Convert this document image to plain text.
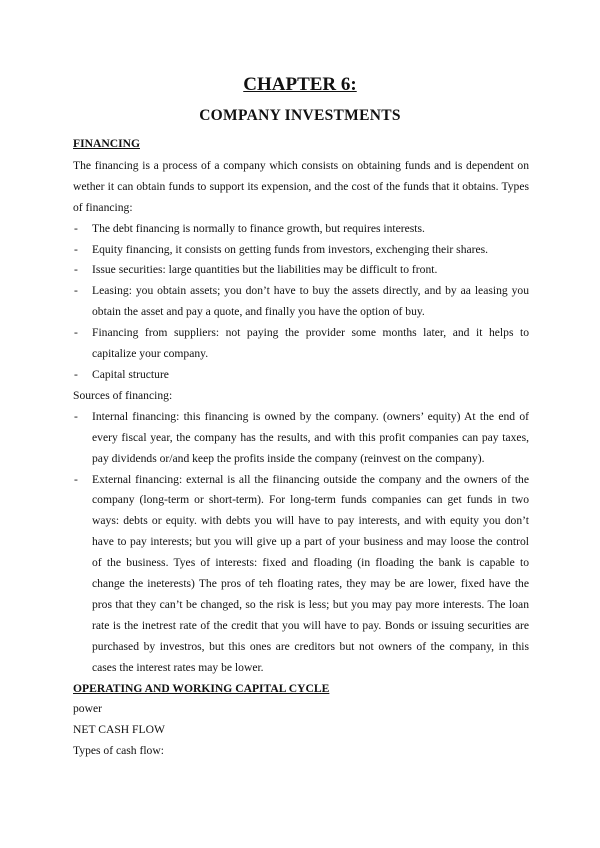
CHAPTER 6:
COMPANY INVESTMENTS

FINANCING

The financing is a process of a company which consists on obtaining funds and is dependent on wether it can obtain funds to support its expension, and the cost of the funds that it obtains. Types of financing:

- The debt financing is normally to finance growth, but requires interests.
- Equity financing, it consists on getting funds from investors, exchenging their shares.
- Issue securities: large quantities but the liabilities may be difficult to front.
- Leasing: you obtain assets; you don’t have to buy the assets directly, and by aa leasing you obtain the asset and pay a quote, and finally you have the option of buy.
- Financing from suppliers: not paying the provider some months later, and it helps to capitalize your company.
- Capital structure

Sources of financing:

- Internal financing: this financing is owned by the company. (owners’ equity) At the end of every fiscal year, the company has the results, and with this profit companies can pay taxes, pay dividends or/and keep the profits inside the company (reinvest on the company).
- External financing: external is all the fiinancing outside the company and the owners of the company (long-term or short-term). For long-term funds companies can get funds in two ways: debts or equity. with debts you will have to pay interests, and with equity you don’t have to pay interests; but you will give up a part of your business and may loose the control of the business. Tyes of interests: fixed and floading (in floading the bank is capable to change the ineterests) The pros of teh floating rates, they may be are lower, fixed have the pros that they can’t be changed, so the risk is less; but you may pay more interests. The loan rate is the inetrest rate of the credit that you will have to pay. Bonds or issuing securities are purchased by investros, but this ones are creditors but not owners of the company, in this cases the interest rates may be lower.

OPERATING AND WORKING CAPITAL CYCLE

power

NET CASH FLOW

Types of cash flow:
